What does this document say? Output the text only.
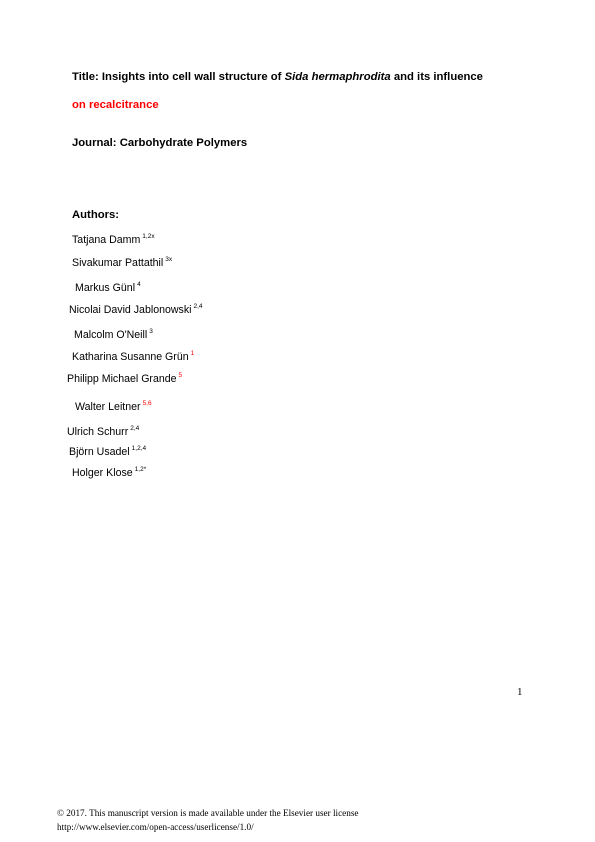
Title: Insights into cell wall structure of Sida hermaphrodita and its influence
on recalcitrance
Journal: Carbohydrate Polymers
Authors:
Tatjana Damm $^{1,2x}$
Sivakumar Pattathil $^{3x}$
Markus Günl $^4$
Nicolai David Jablonowski $^{2,4}$
Malcolm O'Neill $^3$
Katharina Susanne Grün $^1$
Philipp Michael Grande $^5$
Walter Leitner $^{5,6}$
Ulrich Schurr $^{2,4}$
Björn Usadel $^{1,2,4}$
Holger Klose $^{1,2*}$
1
© 2017. This manuscript version is made available under the Elsevier user license
http://www.elsevier.com/open-access/userlicense/1.0/
